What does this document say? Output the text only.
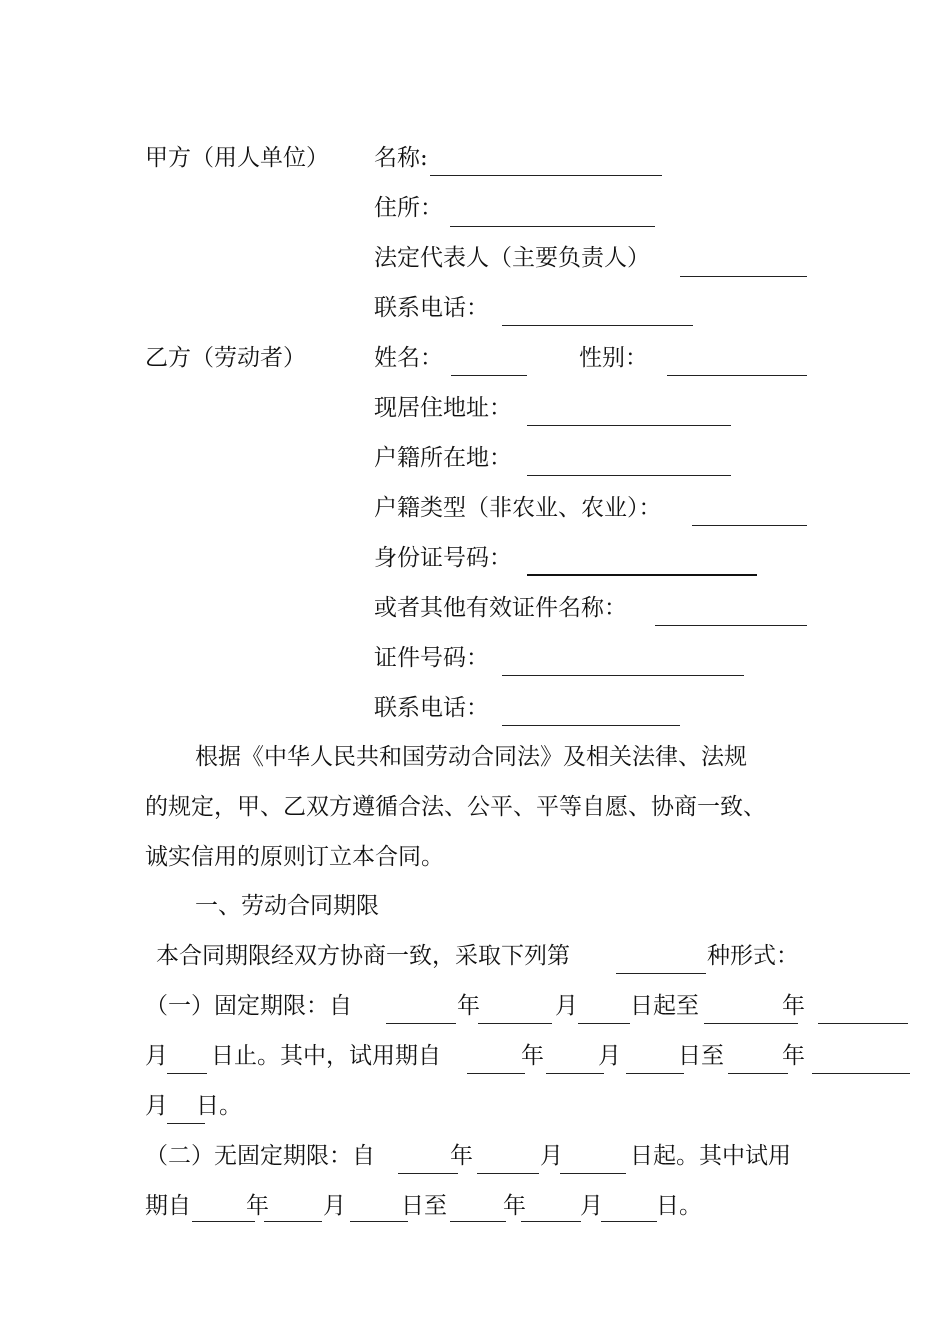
甲方（用人单位） 名称:
住所：
法定代表人（主要负责人）
联系电话：
乙方（劳动者）	姓名：	性别：
现居住地址：
户籍所在地：
户籍类型（非农业、农业）：
身份证号码：
或者其他有效证件名称：
证件号码：
联系电话：
根据《中华人民共和国劳动合同法》及相关法律、法规
的规定，甲、乙双方遵循合法、公平、平等自愿、协商一致、
诚实信用的原则订立本合同。
一、劳动合同期限
本合同期限经双方协商一致，采取下列第	种形式：
（一）固定期限：自	年	月 日起至	年
月 日止。其中，试用期自	年 月 日至	年
月 日。
（二）无固定期限：自	年	月	日起。其中试用
期自 年 月 日至 年 月 日。
